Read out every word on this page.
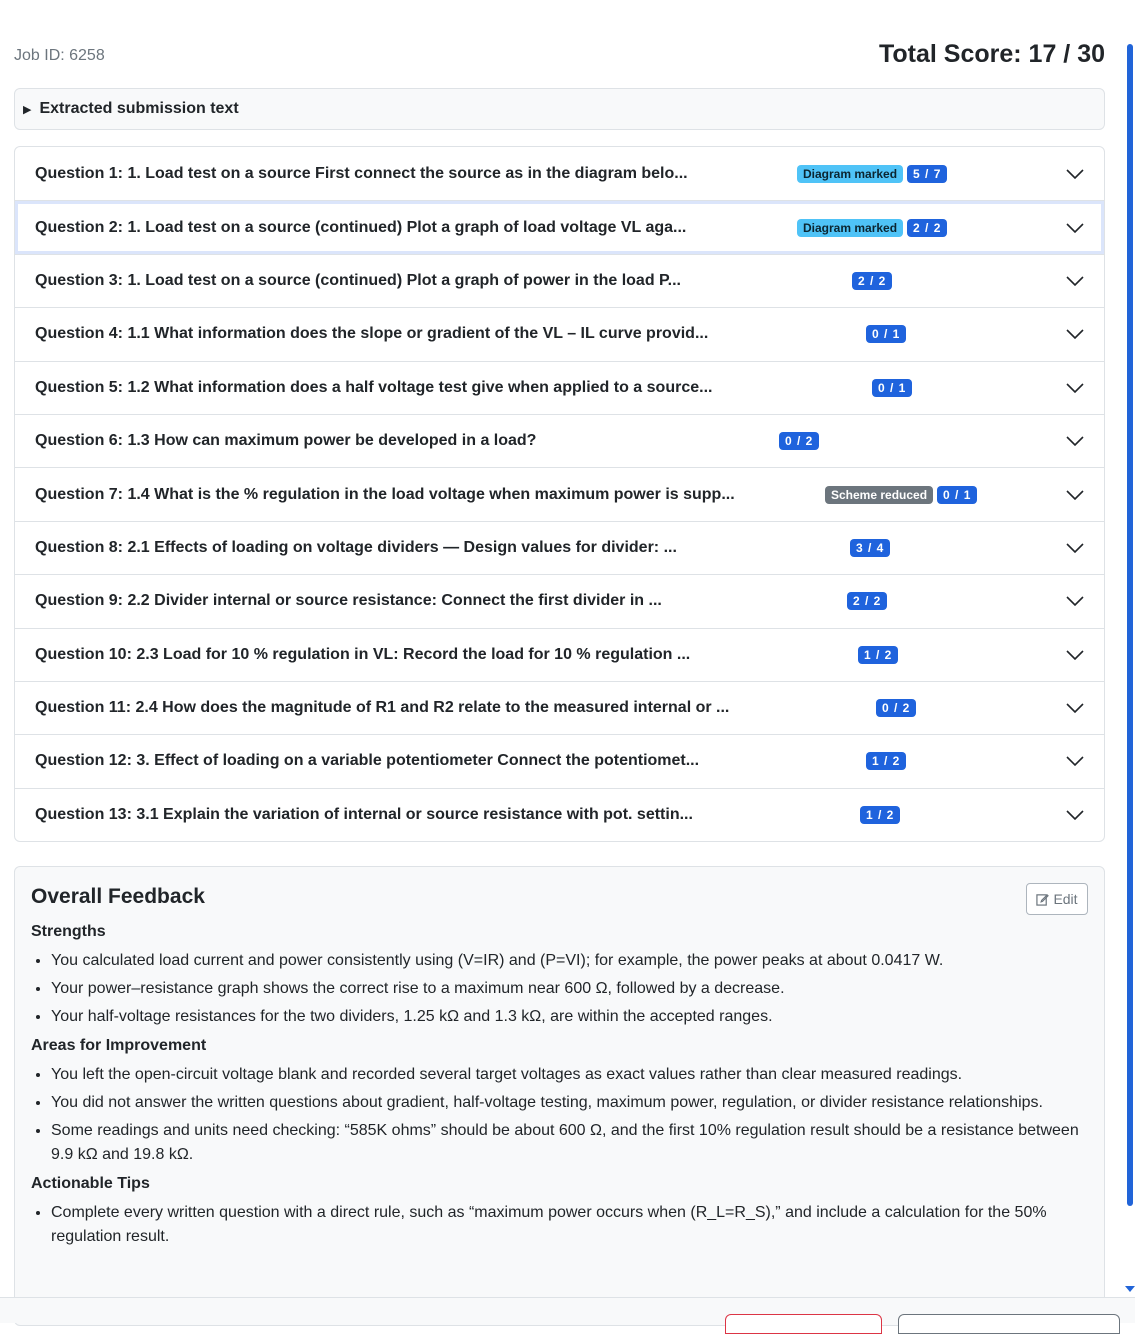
Job ID: 6258	Total Score: 17 / 30
▶ Extracted submission text
Question 1: 1. Load test on a source First connect the source as in the diagram belo...	Diagram marked	5 / 7
Question 2: 1. Load test on a source (continued) Plot a graph of load voltage VL aga...	Diagram marked	2 / 2
Question 3: 1. Load test on a source (continued) Plot a graph of power in the load P...	2 / 2
Question 4: 1.1 What information does the slope or gradient of the VL – IL curve provid...	0 / 1
Question 5: 1.2 What information does a half voltage test give when applied to a source...	0 / 1
Question 6: 1.3 How can maximum power be developed in a load?	0 / 2
Question 7: 1.4 What is the % regulation in the load voltage when maximum power is supp...	Scheme reduced	0 / 1
Question 8: 2.1 Effects of loading on voltage dividers — Design values for divider: ...	3 / 4
Question 9: 2.2 Divider internal or source resistance: Connect the first divider in ...	2 / 2
Question 10: 2.3 Load for 10 % regulation in VL: Record the load for 10 % regulation ...	1 / 2
Question 11: 2.4 How does the magnitude of R1 and R2 relate to the measured internal or ...	0 / 2
Question 12: 3. Effect of loading on a variable potentiometer Connect the potentiomet...	1 / 2
Question 13: 3.1 Explain the variation of internal or source resistance with pot. settin...	1 / 2
Overall Feedback	Edit
Strengths
• You calculated load current and power consistently using (V=IR) and (P=VI); for example, the power peaks at about 0.0417 W.
• Your power–resistance graph shows the correct rise to a maximum near 600 Ω, followed by a decrease.
• Your half-voltage resistances for the two dividers, 1.25 kΩ and 1.3 kΩ, are within the accepted ranges.
Areas for Improvement
• You left the open-circuit voltage blank and recorded several target voltages as exact values rather than clear measured readings.
• You did not answer the written questions about gradient, half-voltage testing, maximum power, regulation, or divider resistance relationships.
• Some readings and units need checking: “585K ohms” should be about 600 Ω, and the first 10% regulation result should be a resistance between 9.9 kΩ and 19.8 kΩ.
Actionable Tips
• Complete every written question with a direct rule, such as “maximum power occurs when (R_L=R_S),” and include a calculation for the 50% regulation result.
